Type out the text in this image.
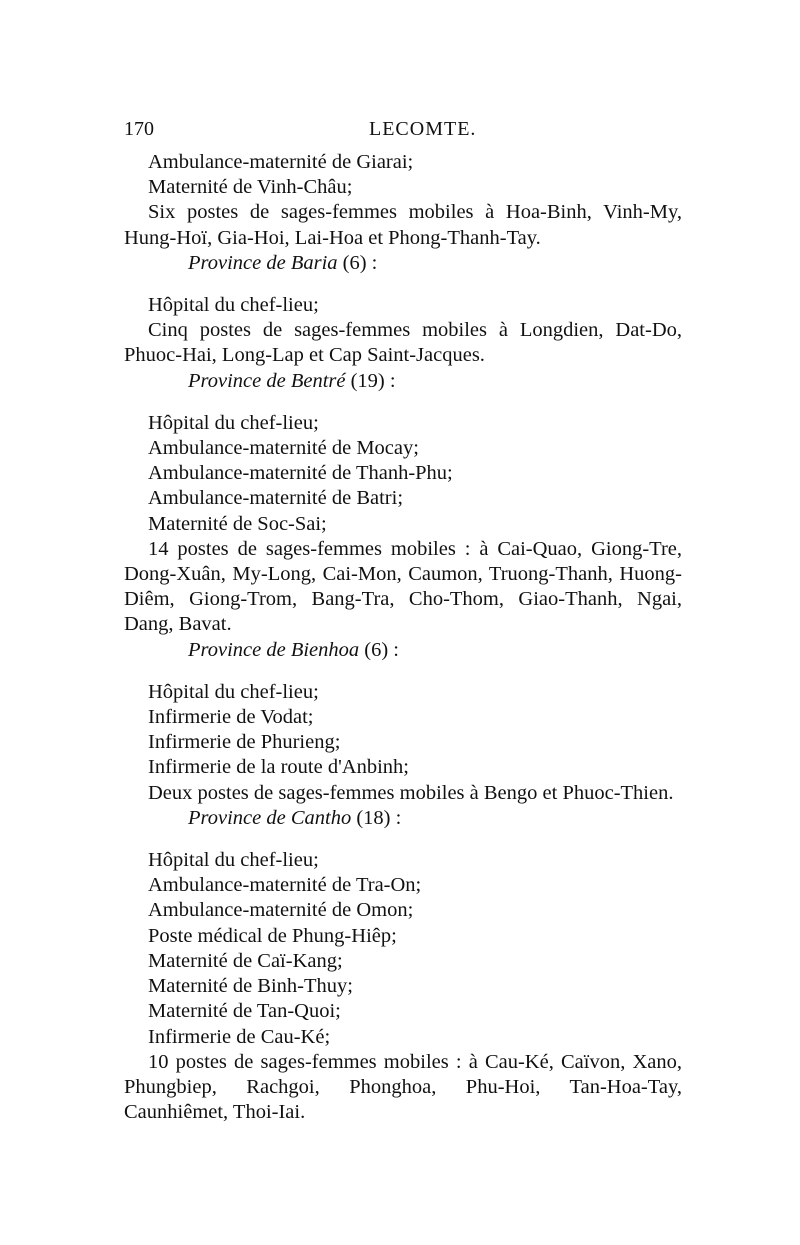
170	LECOMTE.

Ambulance-maternité de Giarai;

Maternité de Vinh-Châu;

Six postes de sages-femmes mobiles à Hoa-Binh, Vinh-My, Hung-Hoï, Gia-Hoi, Lai-Hoa et Phong-Thanh-Tay.

Province de Baria (6) :

Hôpital du chef-lieu;

Cinq postes de sages-femmes mobiles à Longdien, Dat-Do, Phuoc-Hai, Long-Lap et Cap Saint-Jacques.

Province de Bentré (19) :

Hôpital du chef-lieu;

Ambulance-maternité de Mocay;

Ambulance-maternité de Thanh-Phu;

Ambulance-maternité de Batri;

Maternité de Soc-Sai;

14 postes de sages-femmes mobiles : à Cai-Quao, Giong-Tre, Dong-Xuân, My-Long, Cai-Mon, Caumon, Truong-Thanh, Huong-Diêm, Giong-Trom, Bang-Tra, Cho-Thom, Giao-Thanh, Ngai, Dang, Bavat.

Province de Bienhoa (6) :

Hôpital du chef-lieu;

Infirmerie de Vodat;

Infirmerie de Phurieng;

Infirmerie de la route d'Anbinh;

Deux postes de sages-femmes mobiles à Bengo et Phuoc-Thien.

Province de Cantho (18) :

Hôpital du chef-lieu;

Ambulance-maternité de Tra-On;

Ambulance-maternité de Omon;

Poste médical de Phung-Hiêp;

Maternité de Caï-Kang;

Maternité de Binh-Thuy;

Maternité de Tan-Quoi;

Infirmerie de Cau-Ké;

10 postes de sages-femmes mobiles : à Cau-Ké, Caïvon, Xano, Phungbiep, Rachgoi, Phonghoa, Phu-Hoi, Tan-Hoa-Tay, Caunhiêmet, Thoi-Iai.
